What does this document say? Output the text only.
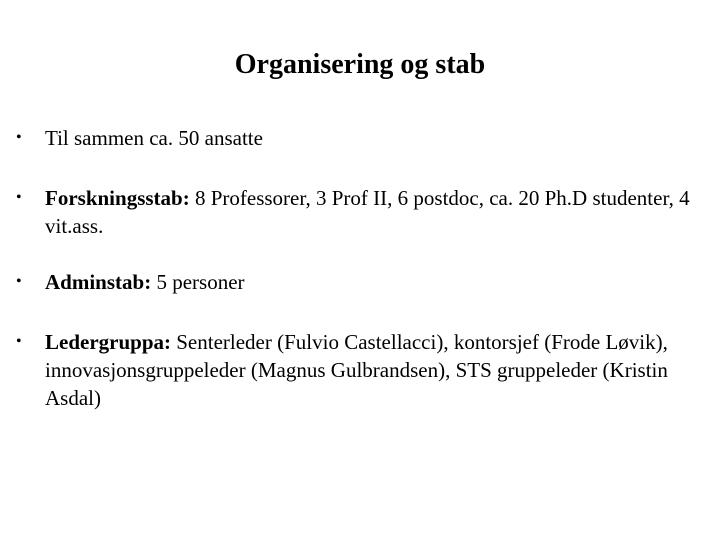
Organisering og stab
•	Til sammen ca. 50 ansatte
•	Forskningsstab: 8 Professorer, 3 Prof II, 6 postdoc, ca. 20 Ph.D studenter, 4 vit.ass.
•	Adminstab: 5 personer
•	Ledergruppa: Senterleder (Fulvio Castellacci), kontorsjef (Frode Løvik), innovasjonsgruppeleder (Magnus Gulbrandsen), STS gruppeleder (Kristin Asdal)
